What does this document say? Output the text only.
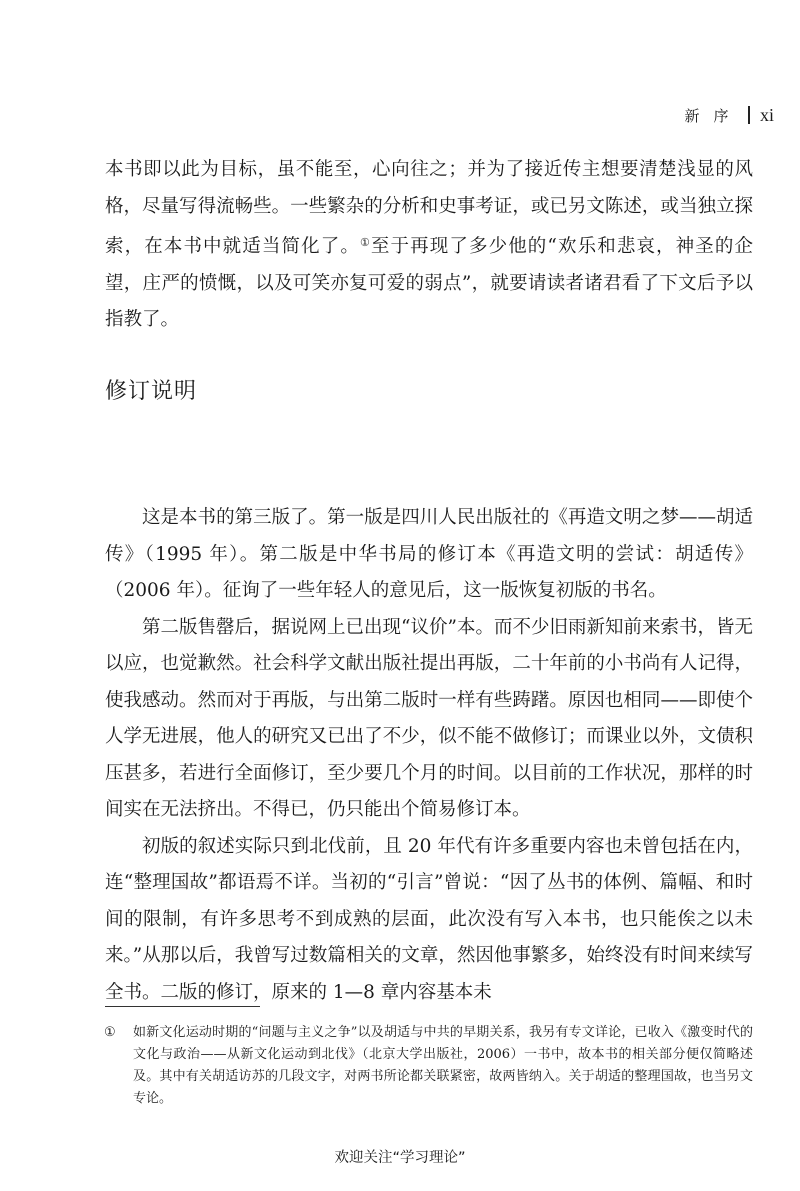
新序 xi

本书即以此为目标，虽不能至，心向往之；并为了接近传主想要清楚浅显的风格，尽量写得流畅些。一些繁杂的分析和史事考证，或已另文陈述，或当独立探索，在本书中就适当简化了。①至于再现了多少他的“欢乐和悲哀，神圣的企望，庄严的愤慨，以及可笑亦复可爱的弱点”，就要请读者诸君看了下文后予以指教了。

修订说明

这是本书的第三版了。第一版是四川人民出版社的《再造文明之梦——胡适传》（1995 年）。第二版是中华书局的修订本《再造文明的尝试：胡适传》（2006 年）。征询了一些年轻人的意见后，这一版恢复初版的书名。

第二版售罄后，据说网上已出现“议价”本。而不少旧雨新知前来索书，皆无以应，也觉歉然。社会科学文献出版社提出再版，二十年前的小书尚有人记得，使我感动。然而对于再版，与出第二版时一样有些踌躇。原因也相同——即使个人学无进展，他人的研究又已出了不少，似不能不做修订；而课业以外，文债积压甚多，若进行全面修订，至少要几个月的时间。以目前的工作状况，那样的时间实在无法挤出。不得已，仍只能出个简易修订本。

初版的叙述实际只到北伐前，且 20 年代有许多重要内容也未曾包括在内，连“整理国故”都语焉不详。当初的“引言”曾说：“因了丛书的体例、篇幅、和时间的限制，有许多思考不到成熟的层面，此次没有写入本书，也只能俟之以未来。”从那以后，我曾写过数篇相关的文章，然因他事繁多，始终没有时间来续写全书。二版的修订，原来的 1—8 章内容基本未

① 如新文化运动时期的“问题与主义之争”以及胡适与中共的早期关系，我另有专文详论，已收入《激变时代的文化与政治——从新文化运动到北伐》（北京大学出版社，2006）一书中，故本书的相关部分便仅简略述及。其中有关胡适访苏的几段文字，对两书所论都关联紧密，故两皆纳入。关于胡适的整理国故，也当另文专论。
欢迎关注“学习理论”
